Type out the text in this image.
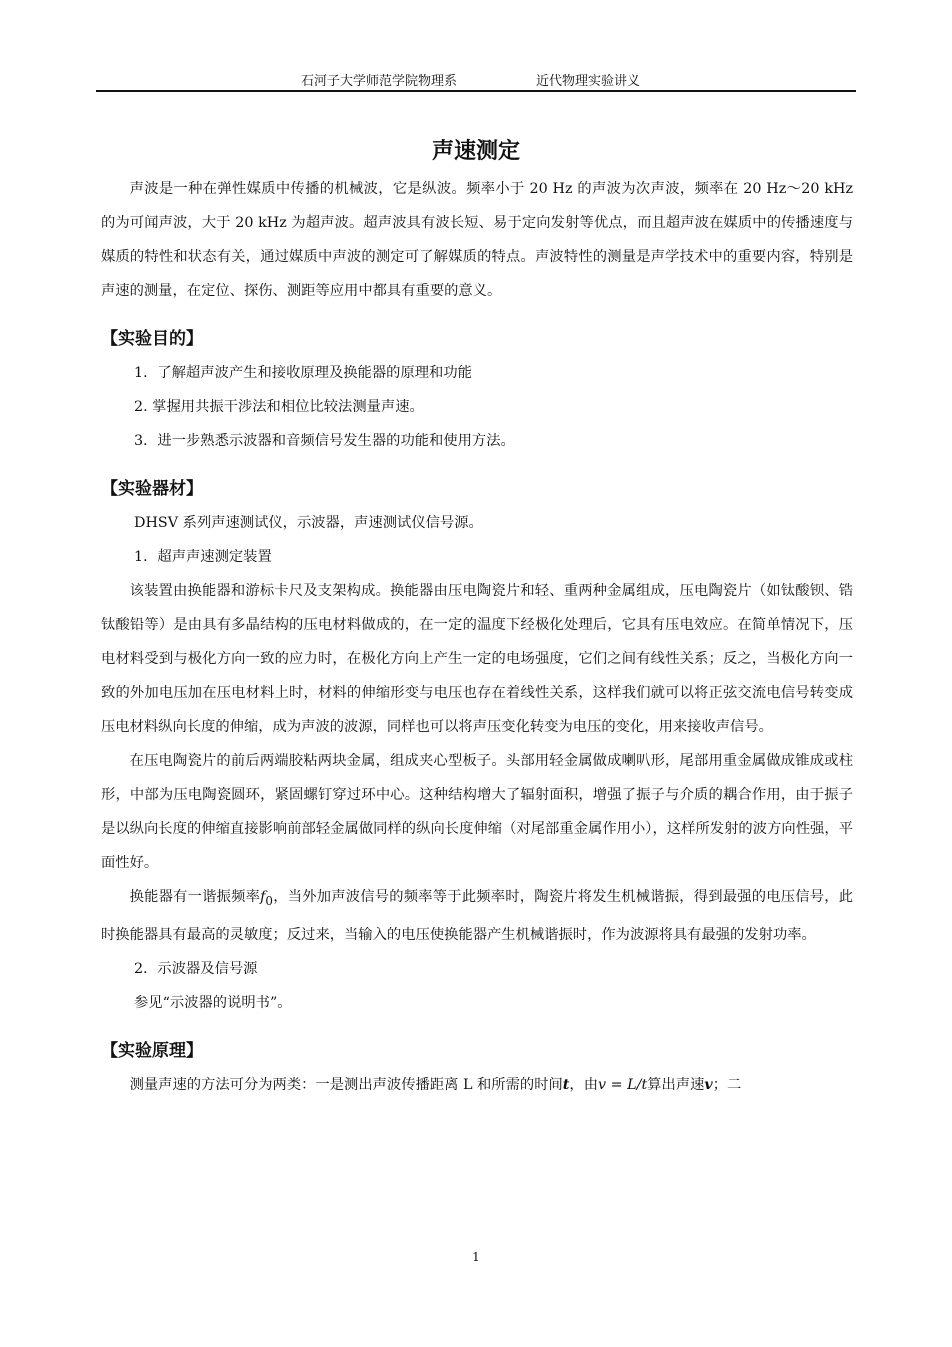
石河子大学师范学院物理系	近代物理实验讲义
声速测定

声波是一种在弹性媒质中传播的机械波，它是纵波。频率小于 20 Hz 的声波为次声波，频率在 20 Hz～20 kHz 的为可闻声波，大于 20 kHz 为超声波。超声波具有波长短、易于定向发射等优点，而且超声波在媒质中的传播速度与媒质的特性和状态有关，通过媒质中声波的测定可了解媒质的特点。声波特性的测量是声学技术中的重要内容，特别是声速的测量，在定位、探伤、测距等应用中都具有重要的意义。

【实验目的】

1．了解超声波产生和接收原理及换能器的原理和功能

2. 掌握用共振干涉法和相位比较法测量声速。

3．进一步熟悉示波器和音频信号发生器的功能和使用方法。

【实验器材】

DHSV 系列声速测试仪，示波器，声速测试仪信号源。

1．超声声速测定装置

该装置由换能器和游标卡尺及支架构成。换能器由压电陶瓷片和轻、重两种金属组成，压电陶瓷片（如钛酸钡、锆钛酸铅等）是由具有多晶结构的压电材料做成的，在一定的温度下经极化处理后，它具有压电效应。在简单情况下，压电材料受到与极化方向一致的应力时，在极化方向上产生一定的电场强度，它们之间有线性关系；反之，当极化方向一致的外加电压加在压电材料上时，材料的伸缩形变与电压也存在着线性关系，这样我们就可以将正弦交流电信号转变成压电材料纵向长度的伸缩，成为声波的波源，同样也可以将声压变化转变为电压的变化，用来接收声信号。

在压电陶瓷片的前后两端胶粘两块金属，组成夹心型板子。头部用轻金属做成喇叭形，尾部用重金属做成锥成或柱形，中部为压电陶瓷圆环，紧固螺钉穿过环中心。这种结构增大了辐射面积，增强了振子与介质的耦合作用，由于振子是以纵向长度的伸缩直接影响前部轻金属做同样的纵向长度伸缩（对尾部重金属作用小），这样所发射的波方向性强，平面性好。

换能器有一谐振频率$f_0$，当外加声波信号的频率等于此频率时，陶瓷片将发生机械谐振，得到最强的电压信号，此时换能器具有最高的灵敏度；反过来，当输入的电压使换能器产生机械谐振时，作为波源将具有最强的发射功率。

2．示波器及信号源

参见“示波器的说明书”。

【实验原理】

测量声速的方法可分为两类：一是测出声波传播距离 L 和所需的时间t，由v = L/t算出声速v；二

1
